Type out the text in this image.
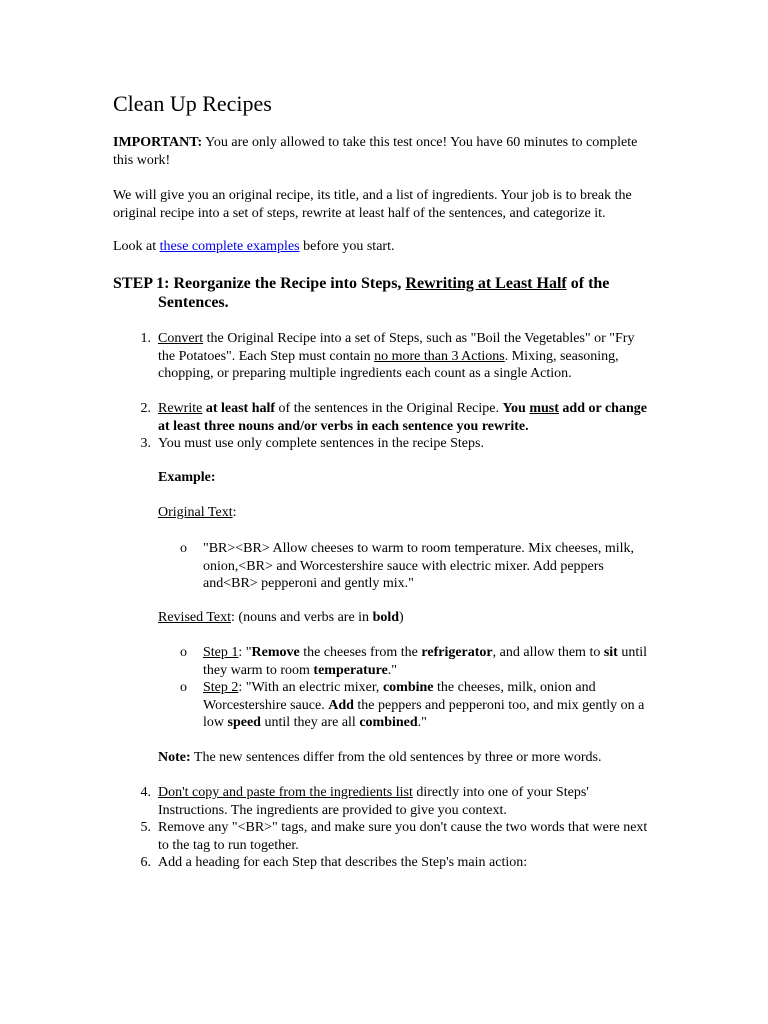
Clean Up Recipes

IMPORTANT: You are only allowed to take this test once! You have 60 minutes to complete this work!

We will give you an original recipe, its title, and a list of ingredients. Your job is to break the original recipe into a set of steps, rewrite at least half of the sentences, and categorize it.

Look at these complete examples before you start.

STEP 1: Reorganize the Recipe into Steps, Rewriting at Least Half of the
Sentences.
1. Convert the Original Recipe into a set of Steps, such as "Boil the Vegetables" or "Fry the Potatoes". Each Step must contain no more than 3 Actions. Mixing, seasoning, chopping, or preparing multiple ingredients each count as a single Action.

2. Rewrite at least half of the sentences in the Original Recipe. You must add or change at least three nouns and/or verbs in each sentence you rewrite.

3. You must use only complete sentences in the recipe Steps.

Example:

Original Text:

o "BR><BR> Allow cheeses to warm to room temperature. Mix cheeses, milk, onion,<BR> and Worcestershire sauce with electric mixer. Add peppers and<BR> pepperoni and gently mix."

Revised Text: (nouns and verbs are in bold)

o Step 1: "Remove the cheeses from the refrigerator, and allow them to sit until they warm to room temperature."

o Step 2: "With an electric mixer, combine the cheeses, milk, onion and Worcestershire sauce. Add the peppers and pepperoni too, and mix gently on a low speed until they are all combined."

Note: The new sentences differ from the old sentences by three or more words.

4. Don't copy and paste from the ingredients list directly into one of your Steps' Instructions. The ingredients are provided to give you context.

5. Remove any "<BR>" tags, and make sure you don't cause the two words that were next to the tag to run together.

6. Add a heading for each Step that describes the Step's main action:
